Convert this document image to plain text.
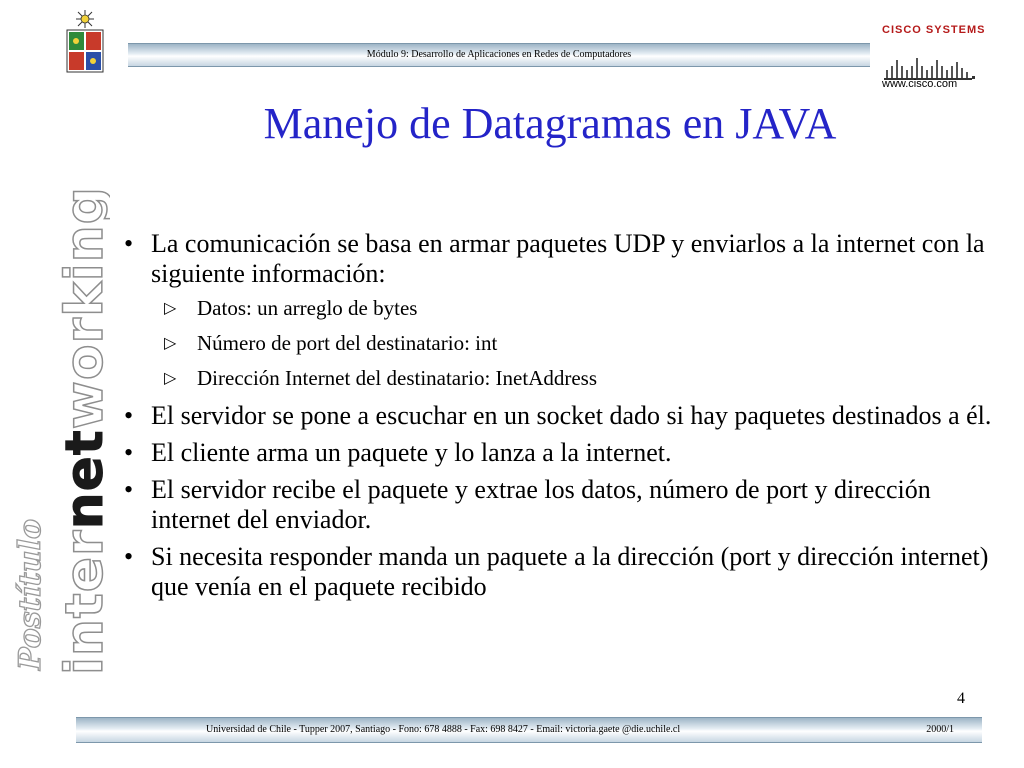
Módulo 9: Desarrollo de Aplicaciones en Redes de Computadores
CISCO SYSTEMS
www.cisco.com
Postítulo internetworking
Manejo de Datagramas en JAVA
• La comunicación se basa en armar paquetes UDP y enviarlos a la internet con la siguiente información:
▷ Datos: un arreglo de bytes
▷ Número de port del destinatario: int
▷ Dirección Internet del destinatario: InetAddress
• El servidor se pone a escuchar en un socket dado si hay paquetes destinados a él.
• El cliente arma un paquete y lo lanza a la internet.
• El servidor recibe el paquete y extrae los datos, número de port y dirección internet del enviador.
• Si necesita responder manda un paquete a la dirección (port y dirección internet) que venía en el paquete recibido
4
Universidad de Chile - Tupper 2007, Santiago - Fono: 678 4888 - Fax: 698 8427 - Email: victoria.gaete @die.uchile.cl	2000/1
